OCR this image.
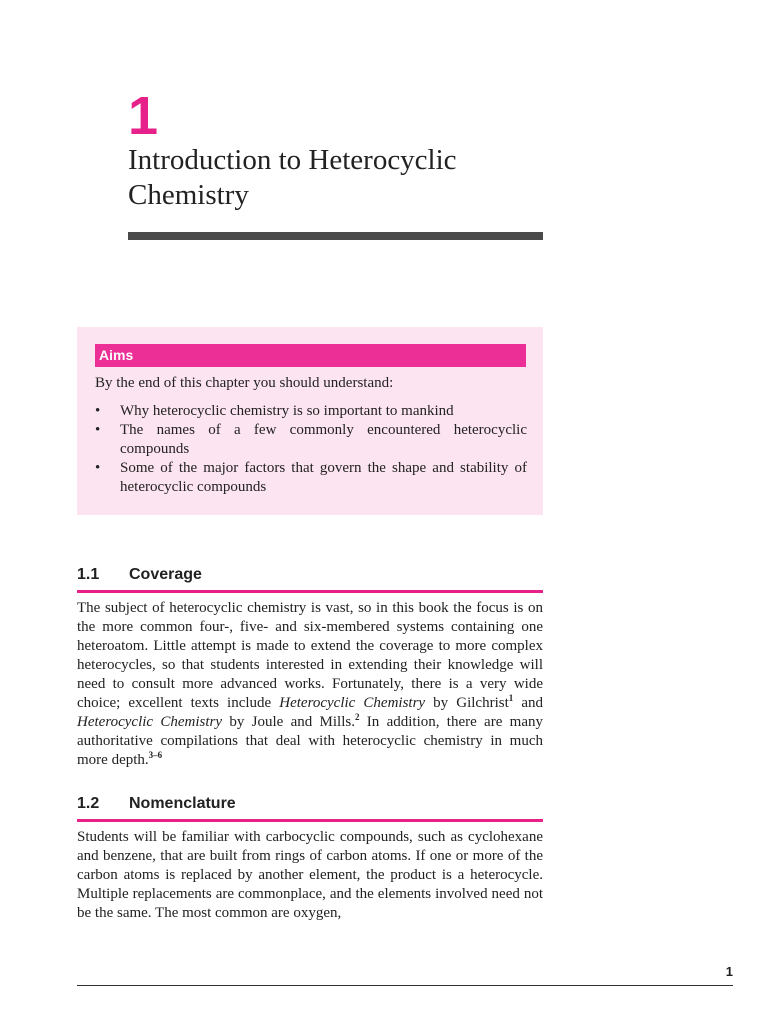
1
Introduction to Heterocyclic Chemistry
Aims
By the end of this chapter you should understand:
• Why heterocyclic chemistry is so important to mankind
• The names of a few commonly encountered heterocyclic compounds
• Some of the major factors that govern the shape and stability of heterocyclic compounds
1.1 Coverage

The subject of heterocyclic chemistry is vast, so in this book the focus is on the more common four-, five- and six-membered systems containing one heteroatom. Little attempt is made to extend the coverage to more complex heterocycles, so that students interested in extending their knowledge will need to consult more advanced works. Fortunately, there is a very wide choice; excellent texts include Heterocyclic Chemistry by Gilchrist$^1$ and Heterocyclic Chemistry by Joule and Mills.$^2$ In addition, there are many authoritative compilations that deal with heterocyclic chemistry in much more depth.$^{3-6}$

1.2 Nomenclature

Students will be familiar with carbocyclic compounds, such as cyclohexane and benzene, that are built from rings of carbon atoms. If one or more of the carbon atoms is replaced by another element, the product is a heterocycle. Multiple replacements are commonplace, and the elements involved need not be the same. The most common are oxygen,

1
